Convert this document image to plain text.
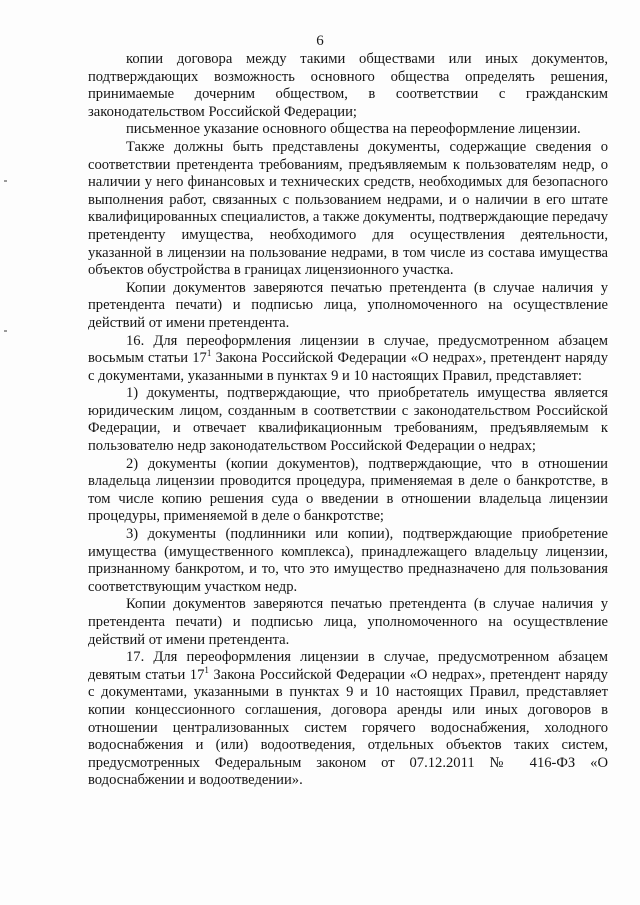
6

копии договора между такими обществами или иных документов, подтверждающих возможность основного общества определять решения, принимаемые дочерним обществом, в соответствии с гражданским законодательством Российской Федерации;

письменное указание основного общества на переоформление лицензии.

Также должны быть представлены документы, содержащие сведения о соответствии претендента требованиям, предъявляемым к пользователям недр, о наличии у него финансовых и технических средств, необходимых для безопасного выполнения работ, связанных с пользованием недрами, и о наличии в его штате квалифицированных специалистов, а также документы, подтверждающие передачу претенденту имущества, необходимого для осуществления деятельности, указанной в лицензии на пользование недрами, в том числе из состава имущества объектов обустройства в границах лицензионного участка.

Копии документов заверяются печатью претендента (в случае наличия у претендента печати) и подписью лица, уполномоченного на осуществление действий от имени претендента.

16. Для переоформления лицензии в случае, предусмотренном абзацем восьмым статьи $17^1$ Закона Российской Федерации «О недрах», претендент наряду с документами, указанными в пунктах 9 и 10 настоящих Правил, представляет:

1) документы, подтверждающие, что приобретатель имущества является юридическим лицом, созданным в соответствии с законодательством Российской Федерации, и отвечает квалификационным требованиям, предъявляемым к пользователю недр законодательством Российской Федерации о недрах;

2) документы (копии документов), подтверждающие, что в отношении владельца лицензии проводится процедура, применяемая в деле о банкротстве, в том числе копию решения суда о введении в отношении владельца лицензии процедуры, применяемой в деле о банкротстве;

3) документы (подлинники или копии), подтверждающие приобретение имущества (имущественного комплекса), принадлежащего владельцу лицензии, признанному банкротом, и то, что это имущество предназначено для пользования соответствующим участком недр.

Копии документов заверяются печатью претендента (в случае наличия у претендента печати) и подписью лица, уполномоченного на осуществление действий от имени претендента.

17. Для переоформления лицензии в случае, предусмотренном абзацем девятым статьи $17^1$ Закона Российской Федерации «О недрах», претендент наряду с документами, указанными в пунктах 9 и 10 настоящих Правил, представляет копии концессионного соглашения, договора аренды или иных договоров в отношении централизованных систем горячего водоснабжения, холодного водоснабжения и (или) водоотведения, отдельных объектов таких систем, предусмотренных Федеральным законом от 07.12.2011 № 416-ФЗ «О водоснабжении и водоотведении».
